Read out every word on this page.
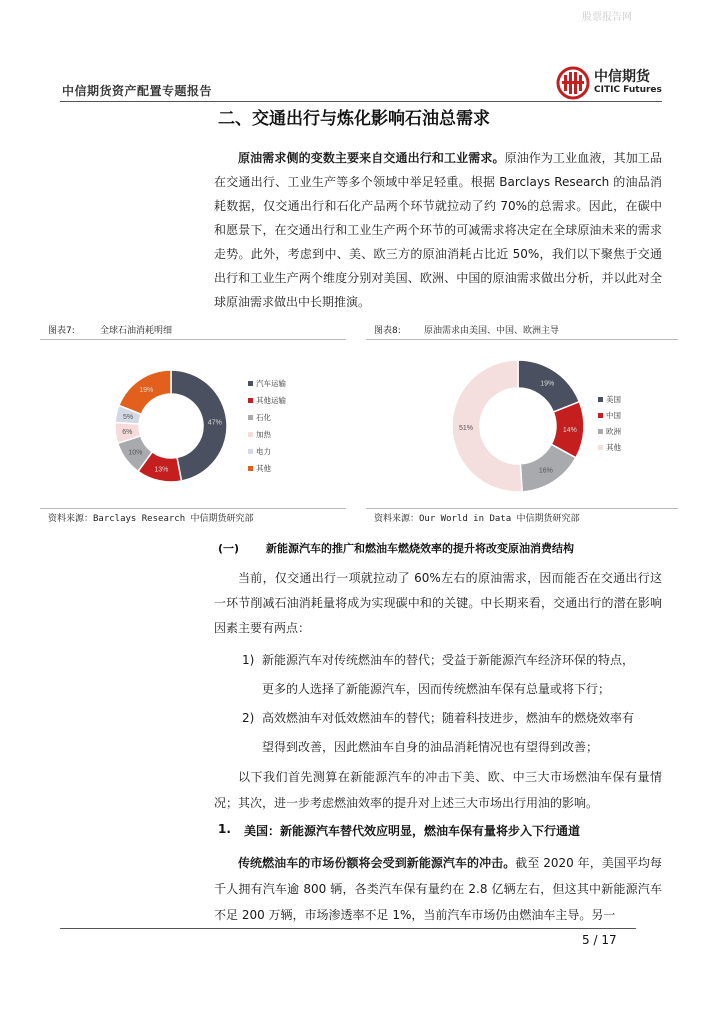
股票报告网
中信期货资产配置专题报告
中信期货
CITIC Futures
二、交通出行与炼化影响石油总需求

原油需求侧的变数主要来自交通出行和工业需求。原油作为工业血液，其加工品在交通出行、工业生产等多个领域中举足轻重。根据 Barclays Research 的油品消耗数据，仅交通出行和石化产品两个环节就拉动了约 70%的总需求。因此，在碳中和愿景下，在交通出行和工业生产两个环节的可减需求将决定在全球原油未来的需求走势。此外，考虑到中、美、欧三方的原油消耗占比近 50%，我们以下聚焦于交通出行和工业生产两个维度分别对美国、欧洲、中国的原油需求做出分析，并以此对全球原油需求做出中长期推演。

图表7:	全球石油消耗明细
47%
13%
10%
6%
5%
19%
汽车运输
其他运输
石化
加热
电力
其他
资料来源：Barclays Research 中信期货研究部
图表8:	原油需求由美国、中国、欧洲主导
19%
14%
16%
51%
美国
中国
欧洲
其他
资料来源：Our World in Data 中信期货研究部
(一) 新能源汽车的推广和燃油车燃烧效率的提升将改变原油消费结构

当前，仅交通出行一项就拉动了 60%左右的原油需求，因而能否在交通出行这一环节削减石油消耗量将成为实现碳中和的关键。中长期来看，交通出行的潜在影响因素主要有两点：

1) 新能源汽车对传统燃油车的替代；受益于新能源汽车经济环保的特点，
更多的人选择了新能源汽车，因而传统燃油车保有总量或将下行；
2) 高效燃油车对低效燃油车的替代；随着科技进步，燃油车的燃烧效率有
望得到改善，因此燃油车自身的油品消耗情况也有望得到改善；

以下我们首先测算在新能源汽车的冲击下美、欧、中三大市场燃油车保有量情况；其次，进一步考虑燃油效率的提升对上述三大市场出行用油的影响。

1. 美国：新能源汽车替代效应明显，燃油车保有量将步入下行通道

传统燃油车的市场份额将会受到新能源汽车的冲击。截至 2020 年，美国平均每千人拥有汽车逾 800 辆，各类汽车保有量约在 2.8 亿辆左右，但这其中新能源汽车不足 200 万辆，市场渗透率不足 1%，当前汽车市场仍由燃油车主导。另一

5 / 17
